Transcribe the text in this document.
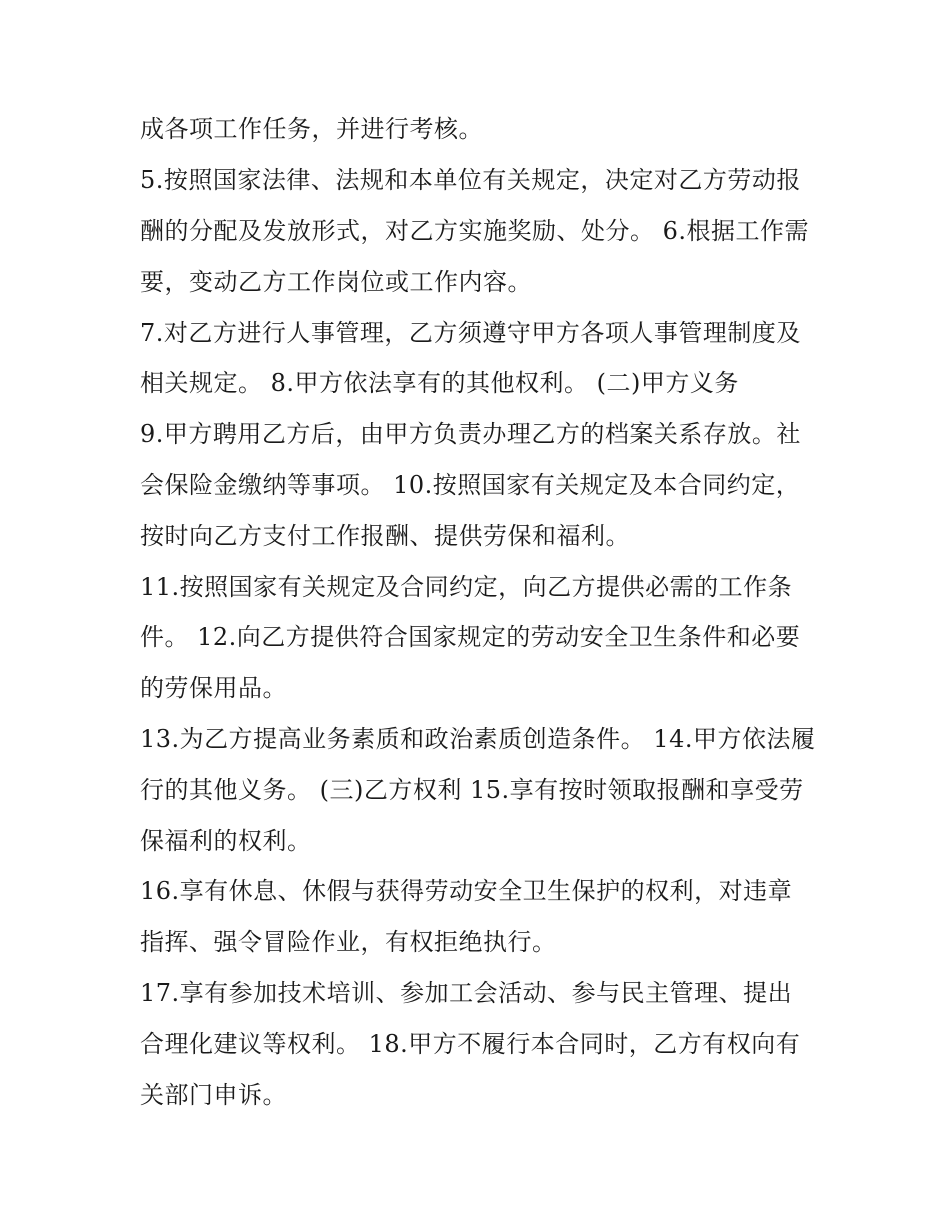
成各项工作任务，并进行考核。
5.按照国家法律、法规和本单位有关规定，决定对乙方劳动报
酬的分配及发放形式，对乙方实施奖励、处分。 6.根据工作需
要，变动乙方工作岗位或工作内容。
7.对乙方进行人事管理，乙方须遵守甲方各项人事管理制度及
相关规定。 8.甲方依法享有的其他权利。 (二)甲方义务
9.甲方聘用乙方后，由甲方负责办理乙方的档案关系存放。社
会保险金缴纳等事项。 10.按照国家有关规定及本合同约定，
按时向乙方支付工作报酬、提供劳保和福利。
11.按照国家有关规定及合同约定，向乙方提供必需的工作条
件。 12.向乙方提供符合国家规定的劳动安全卫生条件和必要
的劳保用品。
13.为乙方提高业务素质和政治素质创造条件。 14.甲方依法履
行的其他义务。 (三)乙方权利 15.享有按时领取报酬和享受劳
保福利的权利。
16.享有休息、休假与获得劳动安全卫生保护的权利，对违章
指挥、强令冒险作业，有权拒绝执行。
17.享有参加技术培训、参加工会活动、参与民主管理、提出
合理化建议等权利。 18.甲方不履行本合同时，乙方有权向有
关部门申诉。
